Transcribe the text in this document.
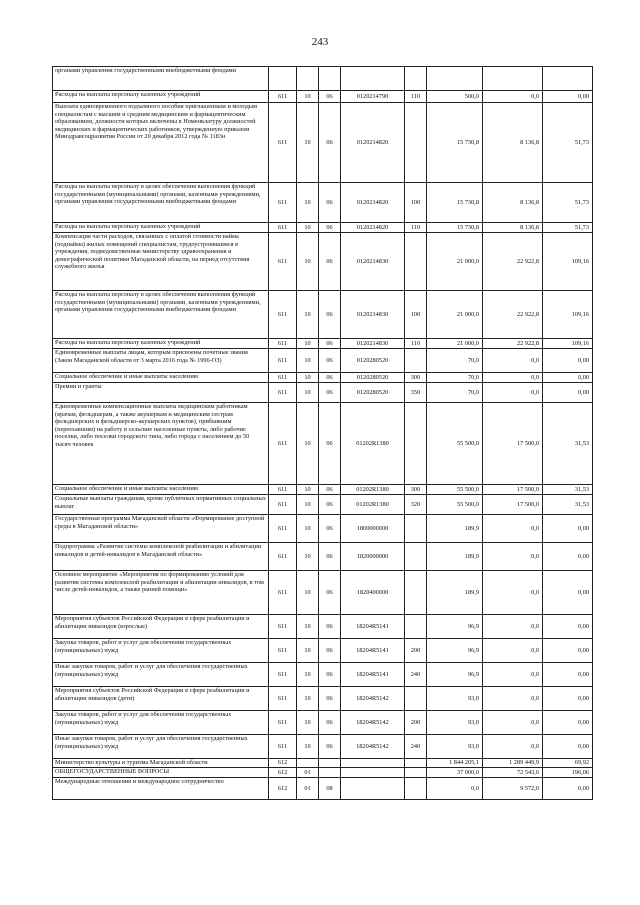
243
органами управления государственными внебюджетными фондами								
Расходы на выплаты персоналу казенных учреждений	611	10	06	0120214790	110	500,0	0,0	0,00
Выплата единовременного подъемного пособия приглашенным и молодым специалистам с высшим и средним медицинским и фармацевтическим образованием, должности которых включены в Номенклатуру должностей медицинских и фармацевтических работников, утвержденную приказом Минздравсоцразвития России от 20 декабря 2012 года № 1183н	611	10	06	0120214820		15 730,8	8 136,8	51,73
Расходы на выплаты персоналу в целях обеспечения выполнения функций государственными (муниципальными) органами, казенными учреждениями, органами управления государственными внебюджетными фондами	611	10	06	0120214820	100	15 730,8	8 136,8	51,73
Расходы на выплаты персоналу казенных учреждений	611	10	06	0120214820	110	15 730,8	8 136,8	51,73
Компенсация части расходов, связанных с оплатой стоимости найма (поднайма) жилых помещений специалистам, трудоустроившимся в учреждения, подведомственные министерству здравоохранения и демографической политики Магаданской области, на период отсутствия служебного жилья	611	10	06	0120214830		21 000,0	22 922,8	109,16
Расходы на выплаты персоналу в целях обеспечения выполнения функций государственными (муниципальными) органами, казенными учреждениями, органами управления государственными внебюджетными фондами	611	10	06	0120214830	100	21 000,0	22 922,8	109,16
Расходы на выплаты персоналу казенных учреждений	611	10	06	0120214830	110	21 000,0	22 922,8	109,16
Единовременные выплаты лицам, которым присвоены почетные звания (Закон Магаданской области от 3 марта 2016 года № 1996-ОЗ)	611	10	06	0120280520		70,0	0,0	0,00
Социальное обеспечение и иные выплаты населению	611	10	06	0120280520	300	70,0	0,0	0,00
Премии и гранты	611	10	06	0120280520	350	70,0	0,0	0,00
Единовременные компенсационные выплаты медицинским работникам (врачам, фельдшерам, а также акушеркам и медицинским сестрам фельдшерских и фельдшерско-акушерских пунктов), прибывшим (переехавшим) на работу в сельские населенные пункты, либо рабочие поселки, либо поселки городского типа, либо города с населением до 50 тысяч человек	611	10	06	01202R1380		55 500,0	17 500,0	31,53
Социальное обеспечение и иные выплаты населению	611	10	06	01202R1380	300	55 500,0	17 500,0	31,53
Социальные выплаты гражданам, кроме публичных нормативных социальных выплат	611	10	06	01202R1380	320	55 500,0	17 500,0	31,53
Государственная программа Магаданской области «Формирование доступной среды в Магаданской области»	611	10	06	1800000000		189,9	0,0	0,00
Подпрограмма «Развитие системы комплексной реабилитации и абилитации инвалидов и детей-инвалидов в Магаданской области»	611	10	06	1820000000		189,9	0,0	0,00
Основное мероприятие «Мероприятия по формированию условий для развития системы комплексной реабилитации и абилитации инвалидов, в том числе детей-инвалидов, а также ранней помощи»	611	10	06	1820400000		189,9	0,0	0,00
Мероприятия субъектов Российской Федерации в сфере реабилитации и абилитации инвалидов (взрослые)	611	10	06	18204R5141		96,9	0,0	0,00
Закупка товаров, работ и услуг для обеспечения государственных (муниципальных) нужд	611	10	06	18204R5141	200	96,9	0,0	0,00
Иные закупки товаров, работ и услуг для обеспечения государственных (муниципальных) нужд	611	10	06	18204R5141	240	96,9	0,0	0,00
Мероприятия субъектов Российской Федерации в сфере реабилитации и абилитации инвалидов (дети)	611	10	06	18204R5142		93,0	0,0	0,00
Закупка товаров, работ и услуг для обеспечения государственных (муниципальных) нужд	611	10	06	18204R5142	200	93,0	0,0	0,00
Иные закупки товаров, работ и услуг для обеспечения государственных (муниципальных) нужд	611	10	06	18204R5142	240	93,0	0,0	0,00
Министерство культуры и туризма Магаданской области	612					1 844 205,1	1 289 449,9	69,92
ОБЩЕГОСУДАРСТВЕННЫЕ ВОПРОСЫ	612	01				37 000,0	72 543,6	196,06
Международные отношения и международное сотрудничество	612	01	08			0,0	9 572,0	0,00
